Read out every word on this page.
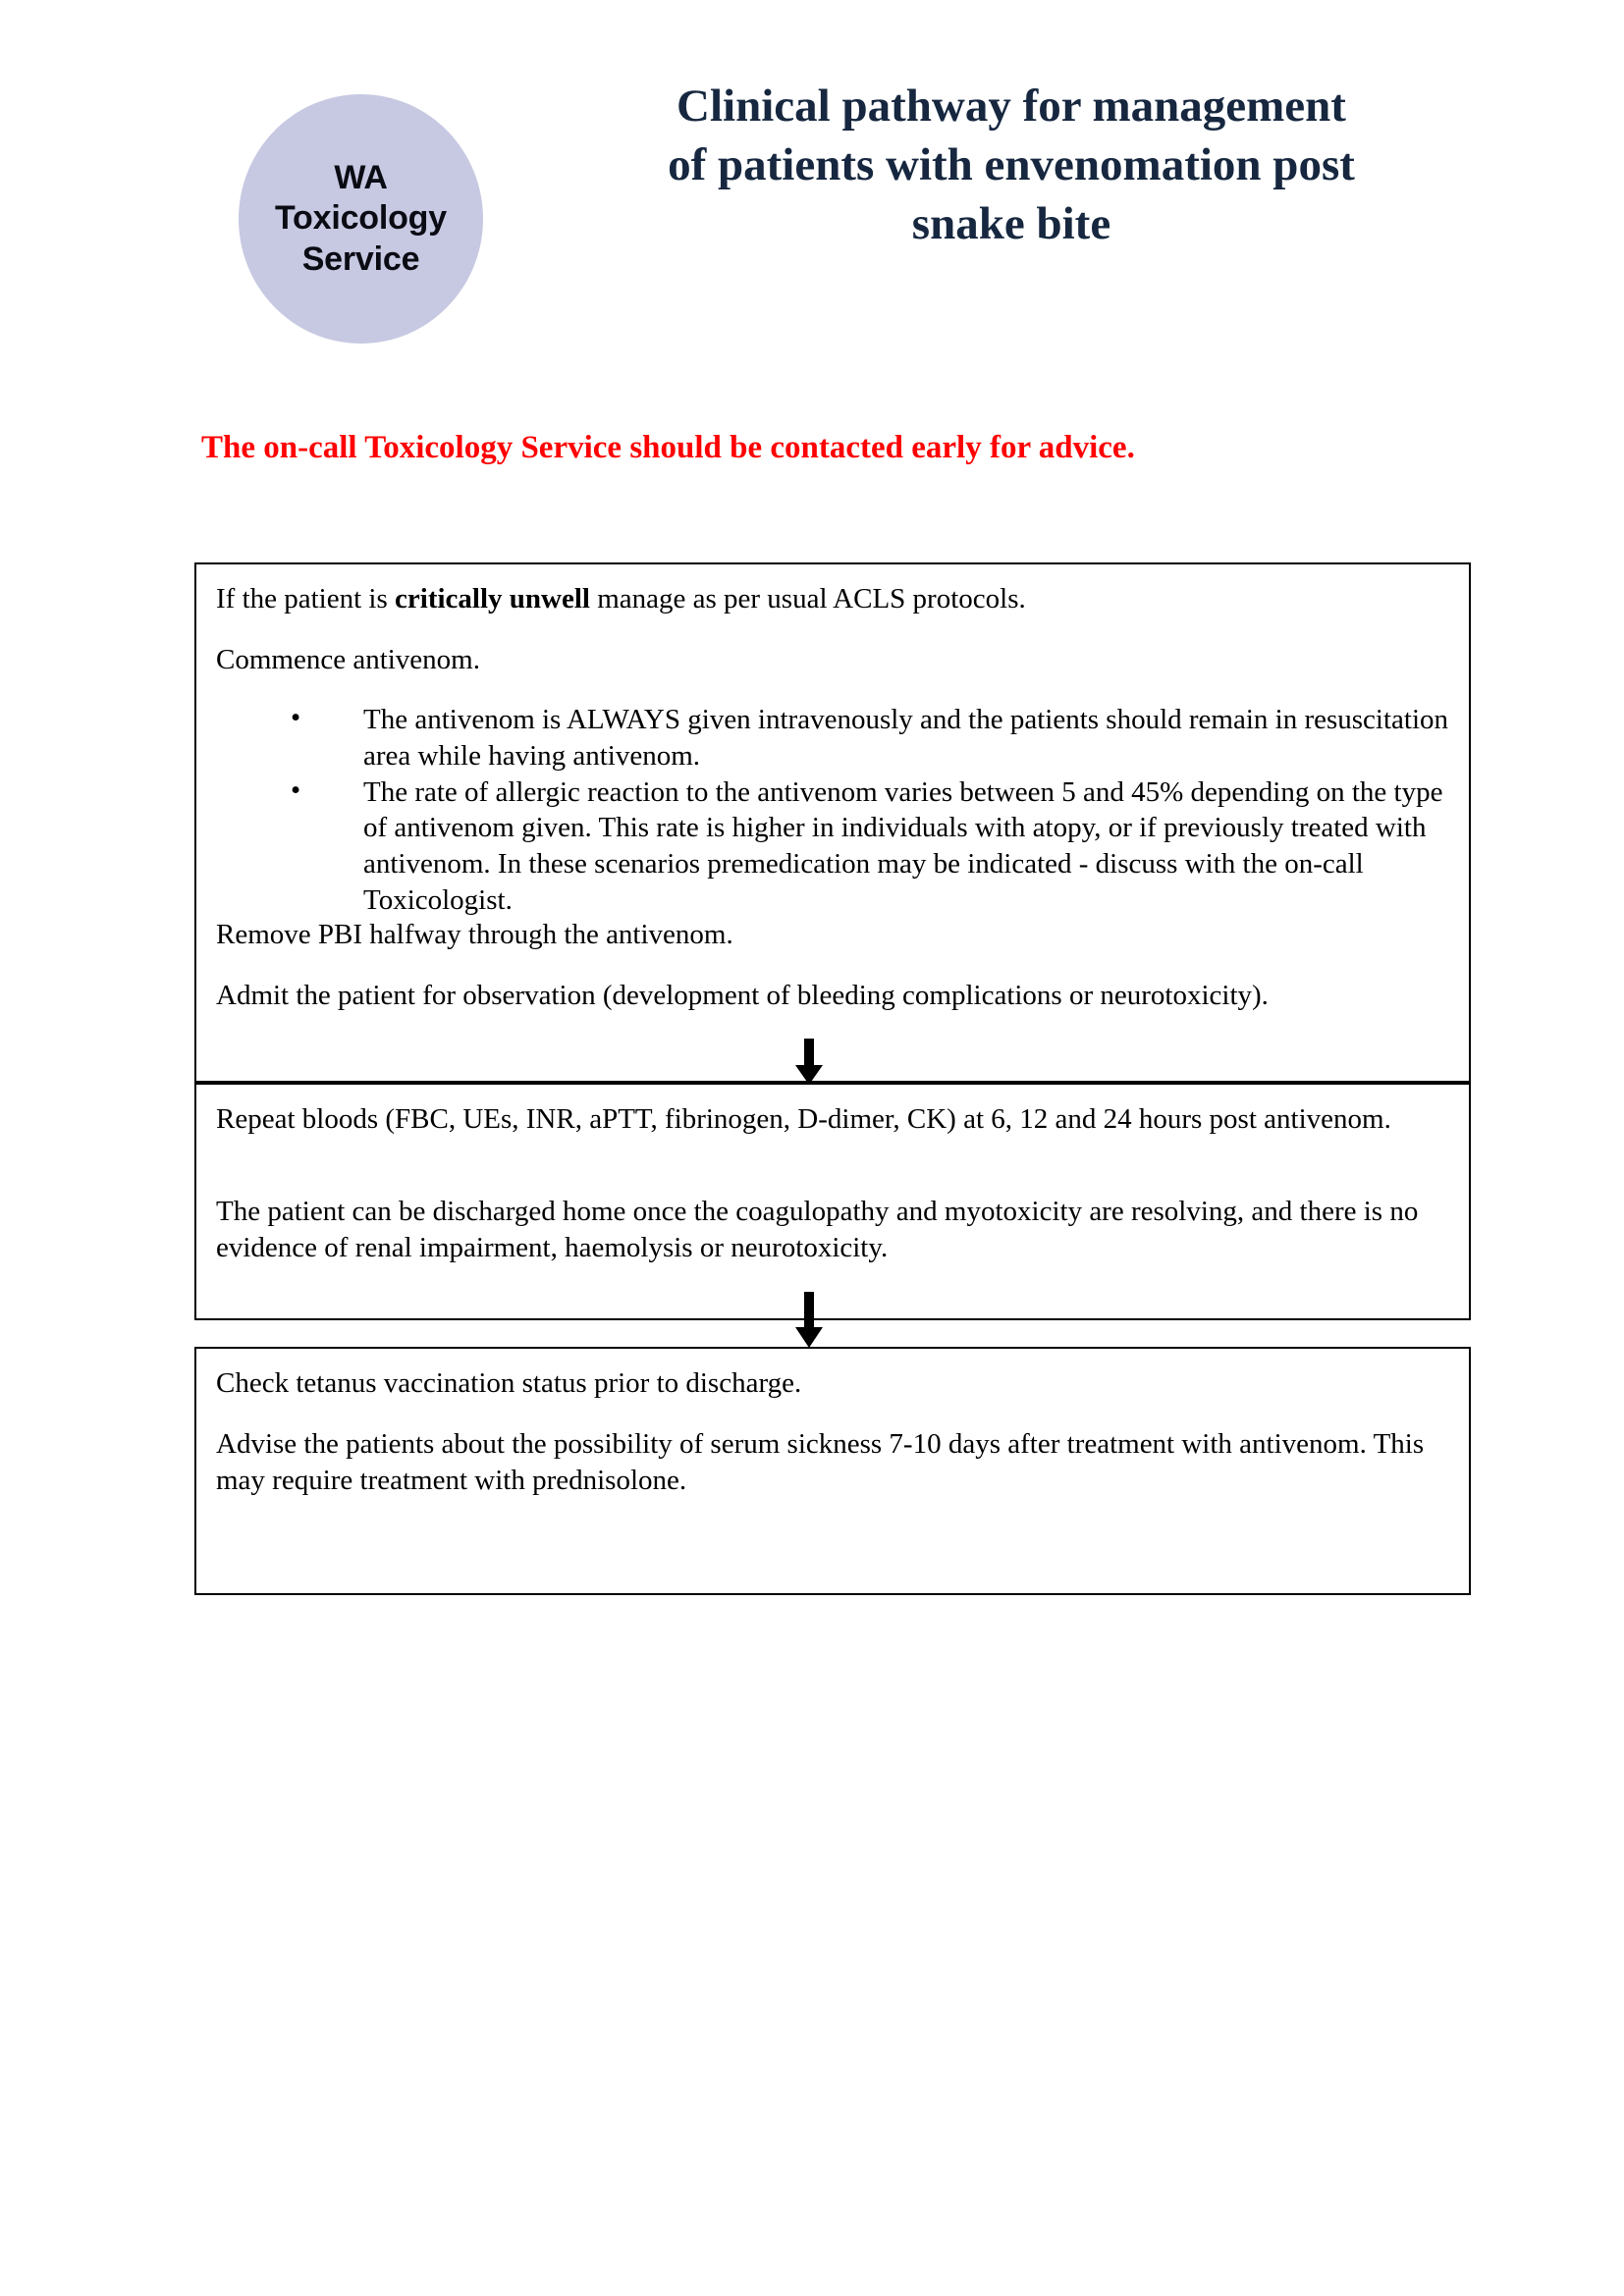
WA
Toxicology
Service
Clinical pathway for management
of patients with envenomation post
snake bite
The on-call Toxicology Service should be contacted early for advice.

If the patient is critically unwell manage as per usual ACLS protocols.

Commence antivenom.

• The antivenom is ALWAYS given intravenously and the patients should remain in resuscitation area while having antivenom.
• The rate of allergic reaction to the antivenom varies between 5 and 45% depending on the type of antivenom given. This rate is higher in individuals with atopy, or if previously treated with antivenom. In these scenarios premedication may be indicated - discuss with the on-call Toxicologist.

Remove PBI halfway through the antivenom.

Admit the patient for observation (development of bleeding complications or neurotoxicity).

Repeat bloods (FBC, UEs, INR, aPTT, fibrinogen, D-dimer, CK) at 6, 12 and 24 hours post antivenom.

The patient can be discharged home once the coagulopathy and myotoxicity are resolving, and there is no evidence of renal impairment, haemolysis or neurotoxicity.

Check tetanus vaccination status prior to discharge.

Advise the patients about the possibility of serum sickness 7-10 days after treatment with antivenom. This may require treatment with prednisolone.
